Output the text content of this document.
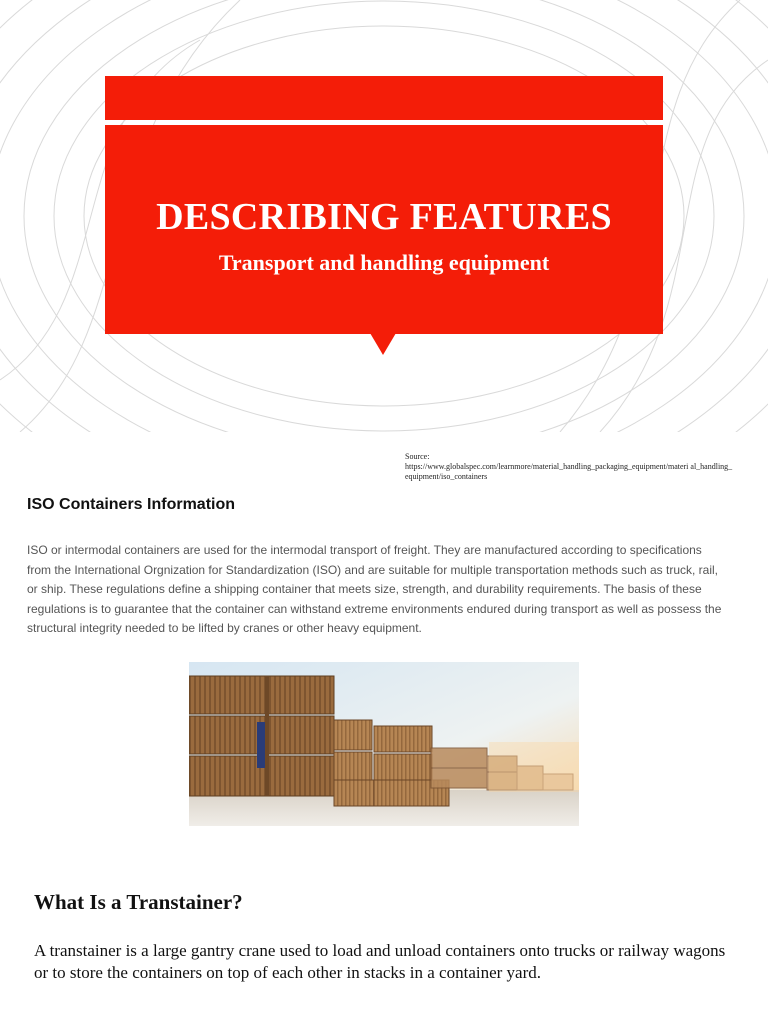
DESCRIBING FEATURES
Transport and handling equipment
Source:
https://www.globalspec.com/learnmore/material_handling_packaging_equipment/materi al_handling_equipment/iso_containers
ISO Containers Information
ISO or intermodal containers are used for the intermodal transport of freight. They are manufactured according to specifications from the International Orgnization for Standardization (ISO) and are suitable for multiple transportation methods such as truck, rail, or ship. These regulations define a shipping container that meets size, strength, and durability requirements. The basis of these regulations is to guarantee that the container can withstand extreme environments endured during transport as well as possess the structural integrity needed to be lifted by cranes or other heavy equipment.
What Is a Transtainer?
A transtainer is a large gantry crane used to load and unload containers onto trucks or railway wagons or to store the containers on top of each other in stacks in a container yard.
